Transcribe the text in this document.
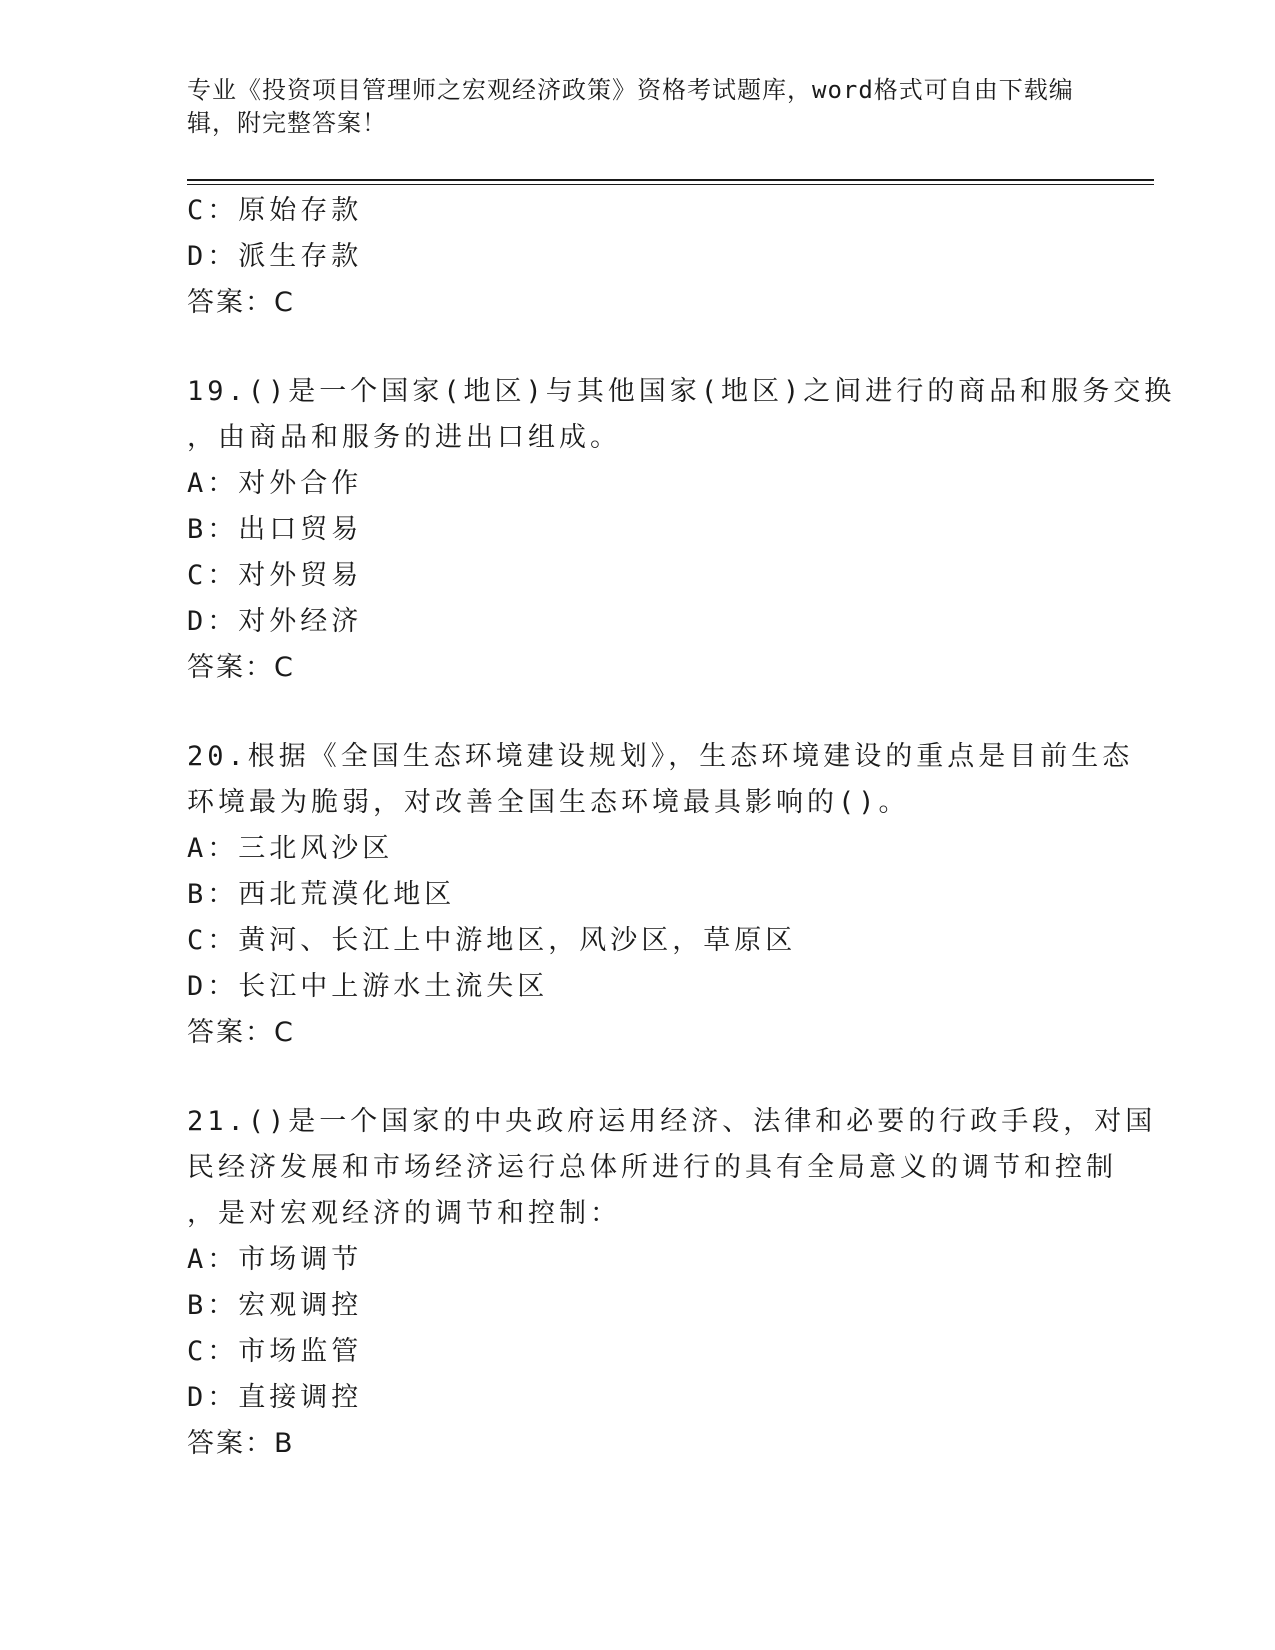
专业《投资项目管理师之宏观经济政策》资格考试题库，word格式可自由下载编
辑，附完整答案！
C：原始存款
D：派生存款
答案：C
19.()是一个国家(地区)与其他国家(地区)之间进行的商品和服务交换
，由商品和服务的进出口组成。
A：对外合作
B：出口贸易
C：对外贸易
D：对外经济
答案：C
20.根据《全国生态环境建设规划》，生态环境建设的重点是目前生态
环境最为脆弱，对改善全国生态环境最具影响的()。
A：三北风沙区
B：西北荒漠化地区
C：黄河、长江上中游地区，风沙区，草原区
D：长江中上游水土流失区
答案：C
21.()是一个国家的中央政府运用经济、法律和必要的行政手段，对国
民经济发展和市场经济运行总体所进行的具有全局意义的调节和控制
，是对宏观经济的调节和控制：
A：市场调节
B：宏观调控
C：市场监管
D：直接调控
答案：B
